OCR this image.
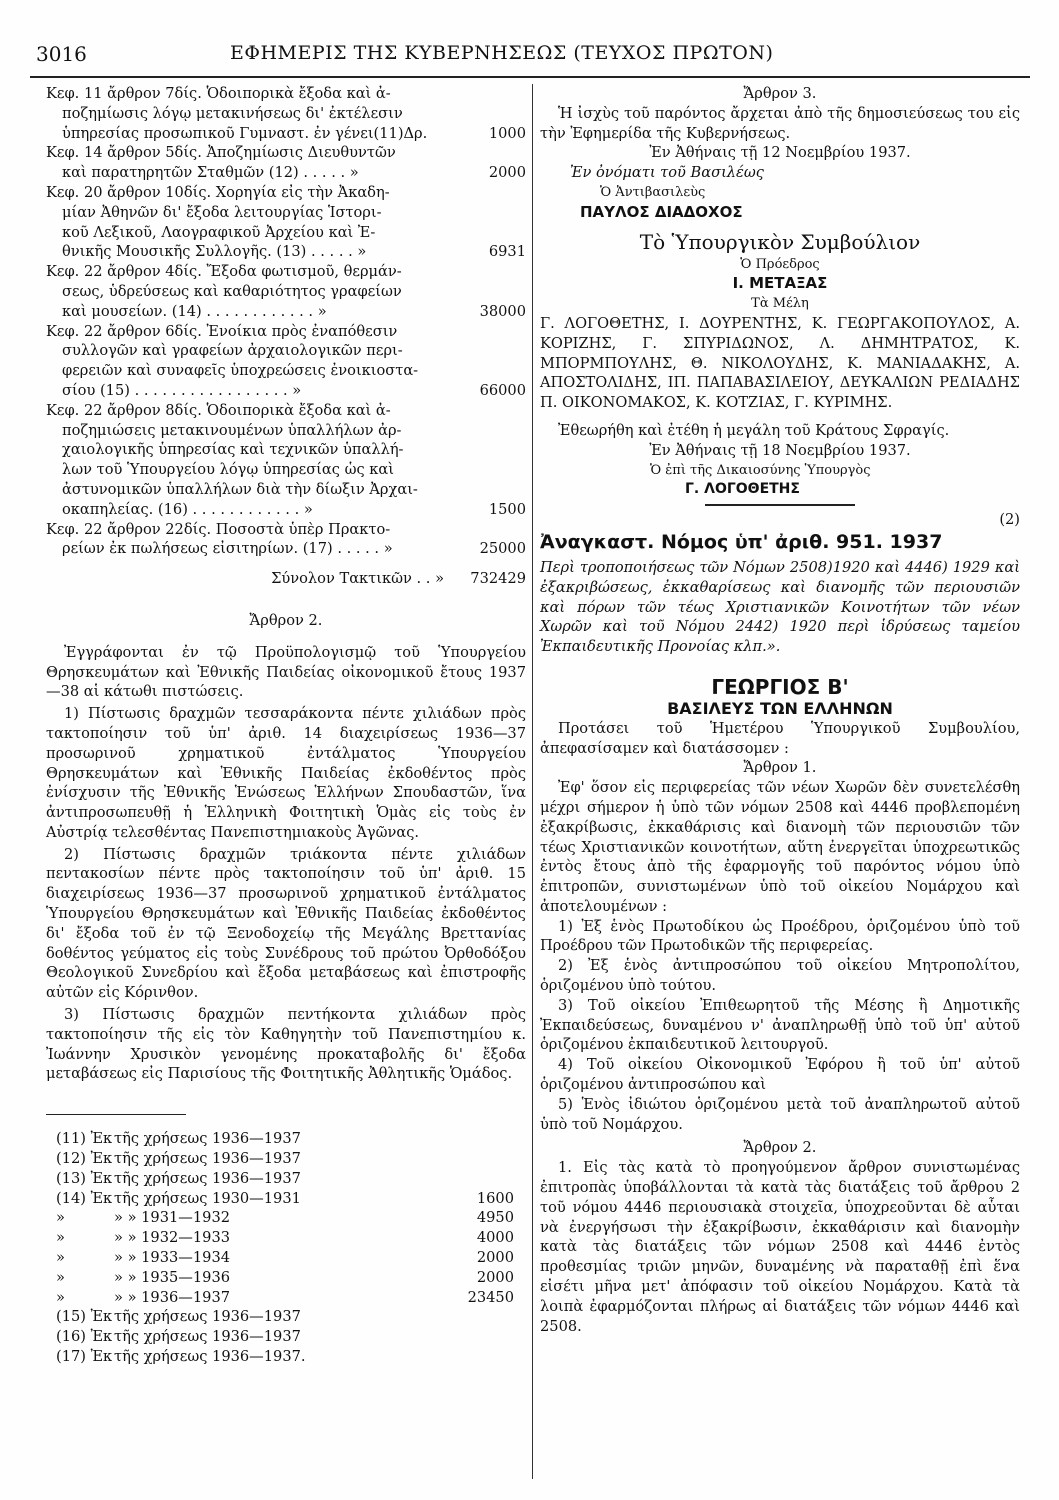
3016	ΕΦΗΜΕΡΙΣ ΤΗΣ ΚΥΒΕΡΝΗΣΕΩΣ (ΤΕΥΧΟΣ ΠΡΩΤΟΝ)
Κεφ. 11 ἄρθρον 7δίς. Ὁδοιπορικὰ ἔξοδα καὶ ἀ-
ποζημίωσις λόγῳ μετακινήσεως δι' ἐκτέλεσιν
ὑπηρεσίας προσωπικοῦ Γυμναστ. ἐν γένει(11)Δρ.	1000
Κεφ. 14 ἄρθρον 5δίς. Ἀποζημίωσις Διευθυντῶν
καὶ παρατηρητῶν Σταθμῶν (12) . . . . . »	2000
Κεφ. 20 ἄρθρον 10δίς. Χορηγία εἰς τὴν Ἀκαδη-
μίαν Ἀθηνῶν δι' ἔξοδα λειτουργίας Ἱστορι-
κοῦ Λεξικοῦ, Λαογραφικοῦ Ἀρχείου καὶ Ἐ-
θνικῆς Μουσικῆς Συλλογῆς. (13) . . . . . »	6931
Κεφ. 22 ἄρθρον 4δίς. Ἔξοδα φωτισμοῦ, θερμάν-
σεως, ὑδρεύσεως καὶ καθαριότητος γραφείων
καὶ μουσείων. (14) . . . . . . . . . . . . »	38000
Κεφ. 22 ἄρθρον 6δίς. Ἐνοίκια πρὸς ἐναπόθεσιν
συλλογῶν καὶ γραφείων ἀρχαιολογικῶν περι-
φερειῶν καὶ συναφεῖς ὑποχρεώσεις ἐνοικιοστα-
σίου (15) . . . . . . . . . . . . . . . . . »	66000
Κεφ. 22 ἄρθρον 8δίς. Ὁδοιπορικὰ ἔξοδα καὶ ἀ-
ποζημιώσεις μετακινουμένων ὑπαλλήλων ἀρ-
χαιολογικῆς ὑπηρεσίας καὶ τεχνικῶν ὑπαλλή-
λων τοῦ Ὑπουργείου λόγῳ ὑπηρεσίας ὡς καὶ
ἀστυνομικῶν ὑπαλλήλων διὰ τὴν δίωξιν Ἀρχαι-
οκαπηλείας. (16) . . . . . . . . . . . . »	1500
Κεφ. 22 ἄρθρον 22δίς. Ποσοστὰ ὑπὲρ Πρακτο-
ρείων ἐκ πωλήσεως εἰσιτηρίων. (17) . . . . . »	25000
Σύνολον Τακτικῶν . . »	732429
Ἄρθρον 2.

Ἐγγράφονται ἐν τῷ Προϋπολογισμῷ τοῦ Ὑπουργείου Θρησκευμάτων καὶ Ἐθνικῆς Παιδείας οἰκονομικοῦ ἔτους 1937—38 αἱ κάτωθι πιστώσεις.

1) Πίστωσις δραχμῶν τεσσαράκοντα πέντε χιλιάδων πρὸς τακτοποίησιν τοῦ ὑπ' ἀριθ. 14 διαχειρίσεως 1936—37 προσωρινοῦ χρηματικοῦ ἐντάλματος Ὑπουργείου Θρησκευμάτων καὶ Ἐθνικῆς Παιδείας ἐκδοθέντος πρὸς ἐνίσχυσιν τῆς Ἐθνικῆς Ἑνώσεως Ἑλλήνων Σπουδαστῶν, ἵνα ἀντιπροσωπευθῇ ἡ Ἑλληνικὴ Φοιτητικὴ Ὁμὰς εἰς τοὺς ἐν Αὐστρίᾳ τελεσθέντας Πανεπιστημιακοὺς Ἀγῶνας.

2) Πίστωσις δραχμῶν τριάκοντα πέντε χιλιάδων πεντακοσίων πέντε πρὸς τακτοποίησιν τοῦ ὑπ' ἀριθ. 15 διαχειρίσεως 1936—37 προσωρινοῦ χρηματικοῦ ἐντάλματος Ὑπουργείου Θρησκευμάτων καὶ Ἐθνικῆς Παιδείας ἐκδοθέντος δι' ἔξοδα τοῦ ἐν τῷ Ξενοδοχείῳ τῆς Μεγάλης Βρεττανίας δοθέντος γεύματος εἰς τοὺς Συνέδρους τοῦ πρώτου Ὀρθοδόξου Θεολογικοῦ Συνεδρίου καὶ ἔξοδα μεταβάσεως καὶ ἐπιστροφῆς αὐτῶν εἰς Κόρινθον.

3) Πίστωσις δραχμῶν πεντήκοντα χιλιάδων πρὸς τακτοποίησιν τῆς εἰς τὸν Καθηγητὴν τοῦ Πανεπιστημίου κ. Ἰωάννην Χρυσικὸν γενομένης προκαταβολῆς δι' ἔξοδα μεταβάσεως εἰς Παρισίους τῆς Φοιτητικῆς Ἀθλητικῆς Ὁμάδος.

(11) Ἐκ τῆς χρήσεως 1936—1937
(12) Ἐκ τῆς χρήσεως 1936—1937
(13) Ἐκ τῆς χρήσεως 1936—1937
(14) Ἐκ τῆς χρήσεως 1930—1931	1600
»	» » 1931—1932	4950
»	» » 1932—1933	4000
»	» » 1933—1934	2000
»	» » 1935—1936	2000
»	» » 1936—1937	23450
(15) Ἐκ τῆς χρήσεως 1936—1937
(16) Ἐκ τῆς χρήσεως 1936—1937
(17) Ἐκ τῆς χρήσεως 1936—1937.
Ἄρθρον 3.

Ἡ ἰσχὺς τοῦ παρόντος ἄρχεται ἀπὸ τῆς δημοσιεύσεως του εἰς τὴν Ἐφημερίδα τῆς Κυβερνήσεως.

Ἐν Ἀθήναις τῇ 12 Νοεμβρίου 1937.
Ἐν ὀνόματι τοῦ Βασιλέως
Ὁ Ἀντιβασιλεὺς
ΠΑΥΛΟΣ ΔΙΑΔΟΧΟΣ
Τὸ Ὑπουργικὸν Συμβούλιον
Ὁ Πρόεδρος
Ι. ΜΕΤΑΞΑΣ
Τὰ Μέλη

Γ. ΛΟΓΟΘΕΤΗΣ, Ι. ΔΟΥΡΕΝΤΗΣ, Κ. ΓΕΩΡΓΑΚΟΠΟΥΛΟΣ, Α. ΚΟΡΙΖΗΣ, Γ. ΣΠΥΡΙΔΩΝΟΣ, Λ. ΔΗΜΗΤΡΑΤΟΣ, Κ. ΜΠΟΡΜΠΟΥΛΗΣ, Θ. ΝΙΚΟΛΟΥΔΗΣ, Κ. ΜΑΝΙΑΔΑΚΗΣ, Α. ΑΠΟΣΤΟΛΙΔΗΣ, ΙΠ. ΠΑΠΑΒΑΣΙΛΕΙΟΥ, ΔΕΥΚΑΛΙΩΝ ΡΕΔΙΑΔΗΣ Π. ΟΙΚΟΝΟΜΑΚΟΣ, Κ. ΚΟΤΖΙΑΣ, Γ. ΚΥΡΙΜΗΣ.

Ἐθεωρήθη καὶ ἐτέθη ἡ μεγάλη τοῦ Κράτους Σφραγίς.

Ἐν Ἀθήναις τῇ 18 Νοεμβρίου 1937.
Ὁ ἐπὶ τῆς Δικαιοσύνης Ὑπουργὸς
Γ. ΛΟΓΟΘΕΤΗΣ
(2)
Ἀναγκαστ. Νόμος ὑπ' ἀριθ. 951. 1937

Περὶ τροποποιήσεως τῶν Νόμων 2508)1920 καὶ 4446) 1929 καὶ ἐξακριβώσεως, ἐκκαθαρίσεως καὶ διανομῆς τῶν περιουσιῶν καὶ πόρων τῶν τέως Χριστιανικῶν Κοινοτήτων τῶν νέων Χωρῶν καὶ τοῦ Νόμου 2442) 1920 περὶ ἱδρύσεως ταμείου Ἐκπαιδευτικῆς Προνοίας κλπ.».

ΓΕΩΡΓΙΟΣ Β'
ΒΑΣΙΛΕΥΣ ΤΩΝ ΕΛΛΗΝΩΝ

Προτάσει τοῦ Ἡμετέρου Ὑπουργικοῦ Συμβουλίου, ἀπεφασίσαμεν καὶ διατάσσομεν :

Ἄρθρον 1.

Ἐφ' ὅσον εἰς περιφερείας τῶν νέων Χωρῶν δὲν συνετελέσθη μέχρι σήμερον ἡ ὑπὸ τῶν νόμων 2508 καὶ 4446 προβλεπομένη ἐξακρίβωσις, ἐκκαθάρισις καὶ διανομὴ τῶν περιουσιῶν τῶν τέως Χριστιανικῶν κοινοτήτων, αὕτη ἐνεργεῖται ὑποχρεωτικῶς ἐντὸς ἔτους ἀπὸ τῆς ἐφαρμογῆς τοῦ παρόντος νόμου ὑπὸ ἐπιτροπῶν, συνιστωμένων ὑπὸ τοῦ οἰκείου Νομάρχου καὶ ἀποτελουμένων :

1) Ἐξ ἑνὸς Πρωτοδίκου ὡς Προέδρου, ὁριζομένου ὑπὸ τοῦ Προέδρου τῶν Πρωτοδικῶν τῆς περιφερείας.

2) Ἐξ ἑνὸς ἀντιπροσώπου τοῦ οἰκείου Μητροπολίτου, ὁριζομένου ὑπὸ τούτου.

3) Τοῦ οἰκείου Ἐπιθεωρητοῦ τῆς Μέσης ἢ Δημοτικῆς Ἐκπαιδεύσεως, δυναμένου ν' ἀναπληρωθῇ ὑπὸ τοῦ ὑπ' αὐτοῦ ὁριζομένου ἐκπαιδευτικοῦ λειτουργοῦ.

4) Τοῦ οἰκείου Οἰκονομικοῦ Ἐφόρου ἢ τοῦ ὑπ' αὐτοῦ ὁριζομένου ἀντιπροσώπου καὶ

5) Ἑνὸς ἰδιώτου ὁριζομένου μετὰ τοῦ ἀναπληρωτοῦ αὐτοῦ ὑπὸ τοῦ Νομάρχου.

Ἄρθρον 2.

1. Εἰς τὰς κατὰ τὸ προηγούμενον ἄρθρον συνιστωμένας ἐπιτροπὰς ὑποβάλλονται τὰ κατὰ τὰς διατάξεις τοῦ ἄρθρου 2 τοῦ νόμου 4446 περιουσιακὰ στοιχεῖα, ὑποχρεοῦνται δὲ αὗται νὰ ἐνεργήσωσι τὴν ἐξακρίβωσιν, ἐκκαθάρισιν καὶ διανομὴν κατὰ τὰς διατάξεις τῶν νόμων 2508 καὶ 4446 ἐντὸς προθεσμίας τριῶν μηνῶν, δυναμένης νὰ παραταθῇ ἐπὶ ἕνα εἰσέτι μῆνα μετ' ἀπόφασιν τοῦ οἰκείου Νομάρχου. Κατὰ τὰ λοιπὰ ἐφαρμόζονται πλήρως αἱ διατάξεις τῶν νόμων 4446 καὶ 2508.
